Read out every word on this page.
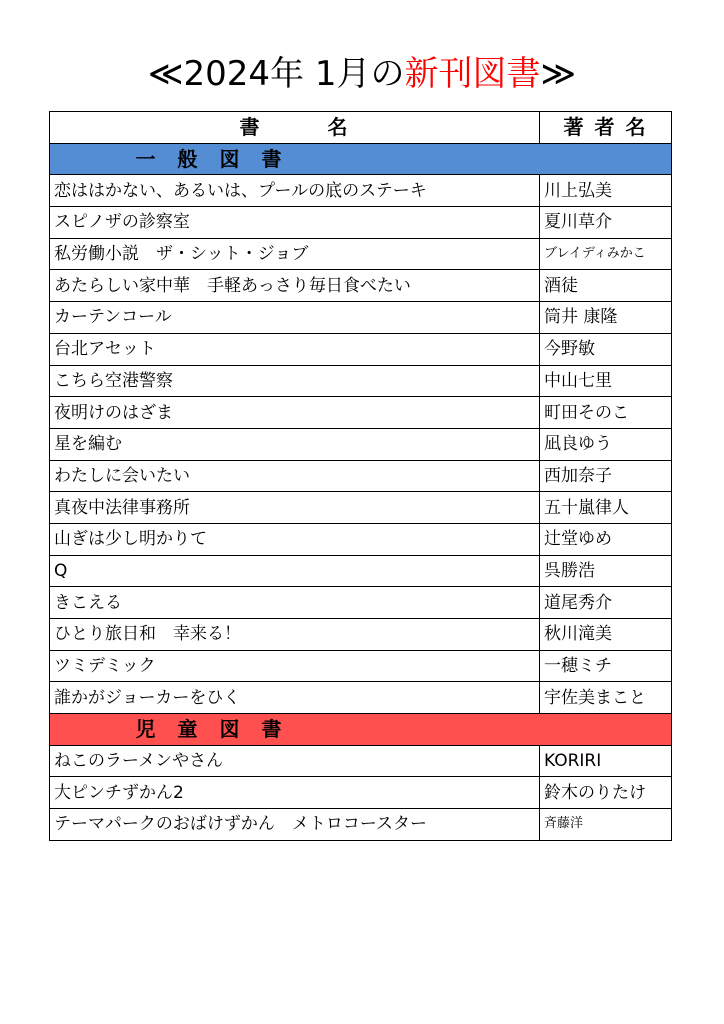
≪2024年 1月の新刊図書≫
書　　　名	著 者 名
一　般　図　書	
恋ははかない、あるいは、プールの底のステーキ	川上弘美
スピノザの診察室	夏川草介
私労働小説　ザ・シット・ジョブ	ブレイディみかこ
あたらしい家中華　手軽あっさり毎日食べたい	酒徒
カーテンコール	筒井 康隆
台北アセット	今野敏
こちら空港警察	中山七里
夜明けのはざま	町田そのこ
星を編む	凪良ゆう
わたしに会いたい	西加奈子
真夜中法律事務所	五十嵐律人
山ぎは少し明かりて	辻堂ゆめ
Q	呉勝浩
きこえる	道尾秀介
ひとり旅日和　幸来る！	秋川滝美
ツミデミック	一穂ミチ
誰かがジョーカーをひく	宇佐美まこと
児　童　図　書	
ねこのラーメンやさん	KORIRI
大ピンチずかん2	鈴木のりたけ
テーマパークのおばけずかん　メトロコースター	斉藤洋
